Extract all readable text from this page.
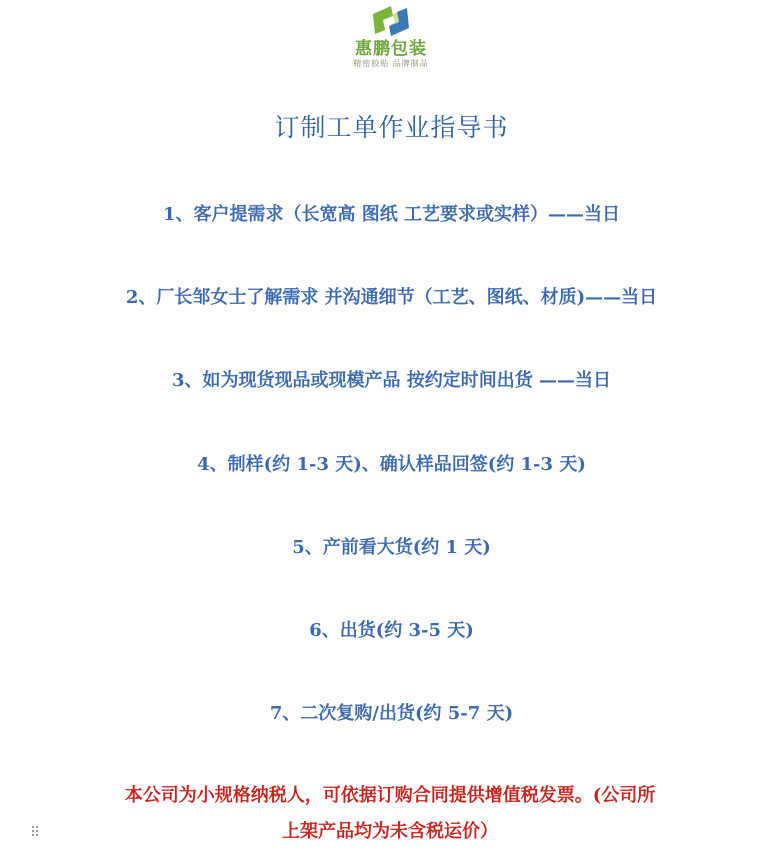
惠鹏包装
精密胶贴 品牌制品
订制工单作业指导书
1、客户提需求（长宽高 图纸 工艺要求或实样）——当日
2、厂长邹女士了解需求 并沟通细节（工艺、图纸、材质)——当日
3、如为现货现品或现模产品 按约定时间出货 ——当日
4、制样(约 1-3 天)、确认样品回签(约 1-3 天)
5、产前看大货(约 1 天)
6、出货(约 3-5 天)
7、二次复购/出货(约 5-7 天)
本公司为小规格纳税人，可依据订购合同提供增值税发票。(公司所
上架产品均为未含税运价）
⠿
